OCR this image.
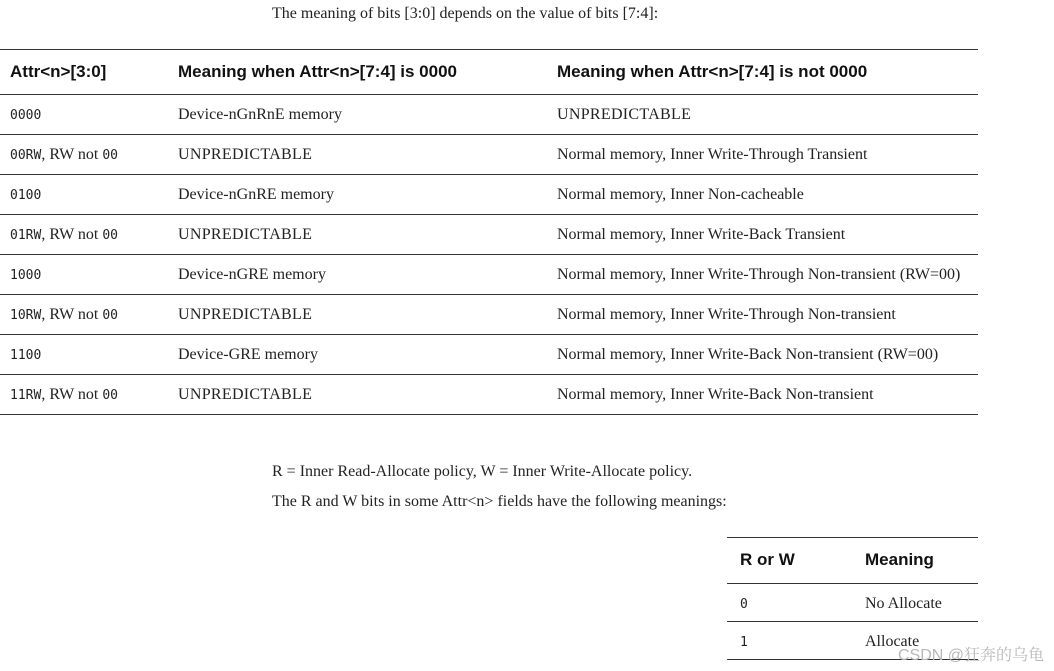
The meaning of bits [3:0] depends on the value of bits [7:4]:
Attr<n>[3:0]	Meaning when Attr<n>[7:4] is 0000	Meaning when Attr<n>[7:4] is not 0000
0000	Device-nGnRnE memory	UNPREDICTABLE
00RW, RW not 00	UNPREDICTABLE	Normal memory, Inner Write-Through Transient
0100	Device-nGnRE memory	Normal memory, Inner Non-cacheable
01RW, RW not 00	UNPREDICTABLE	Normal memory, Inner Write-Back Transient
1000	Device-nGRE memory	Normal memory, Inner Write-Through Non-transient (RW=00)
10RW, RW not 00	UNPREDICTABLE	Normal memory, Inner Write-Through Non-transient
1100	Device-GRE memory	Normal memory, Inner Write-Back Non-transient (RW=00)
11RW, RW not 00	UNPREDICTABLE	Normal memory, Inner Write-Back Non-transient
R = Inner Read-Allocate policy, W = Inner Write-Allocate policy.
The R and W bits in some Attr<n> fields have the following meanings:
R or W	Meaning
0	No Allocate
1	Allocate
CSDN @狂奔的乌龟
